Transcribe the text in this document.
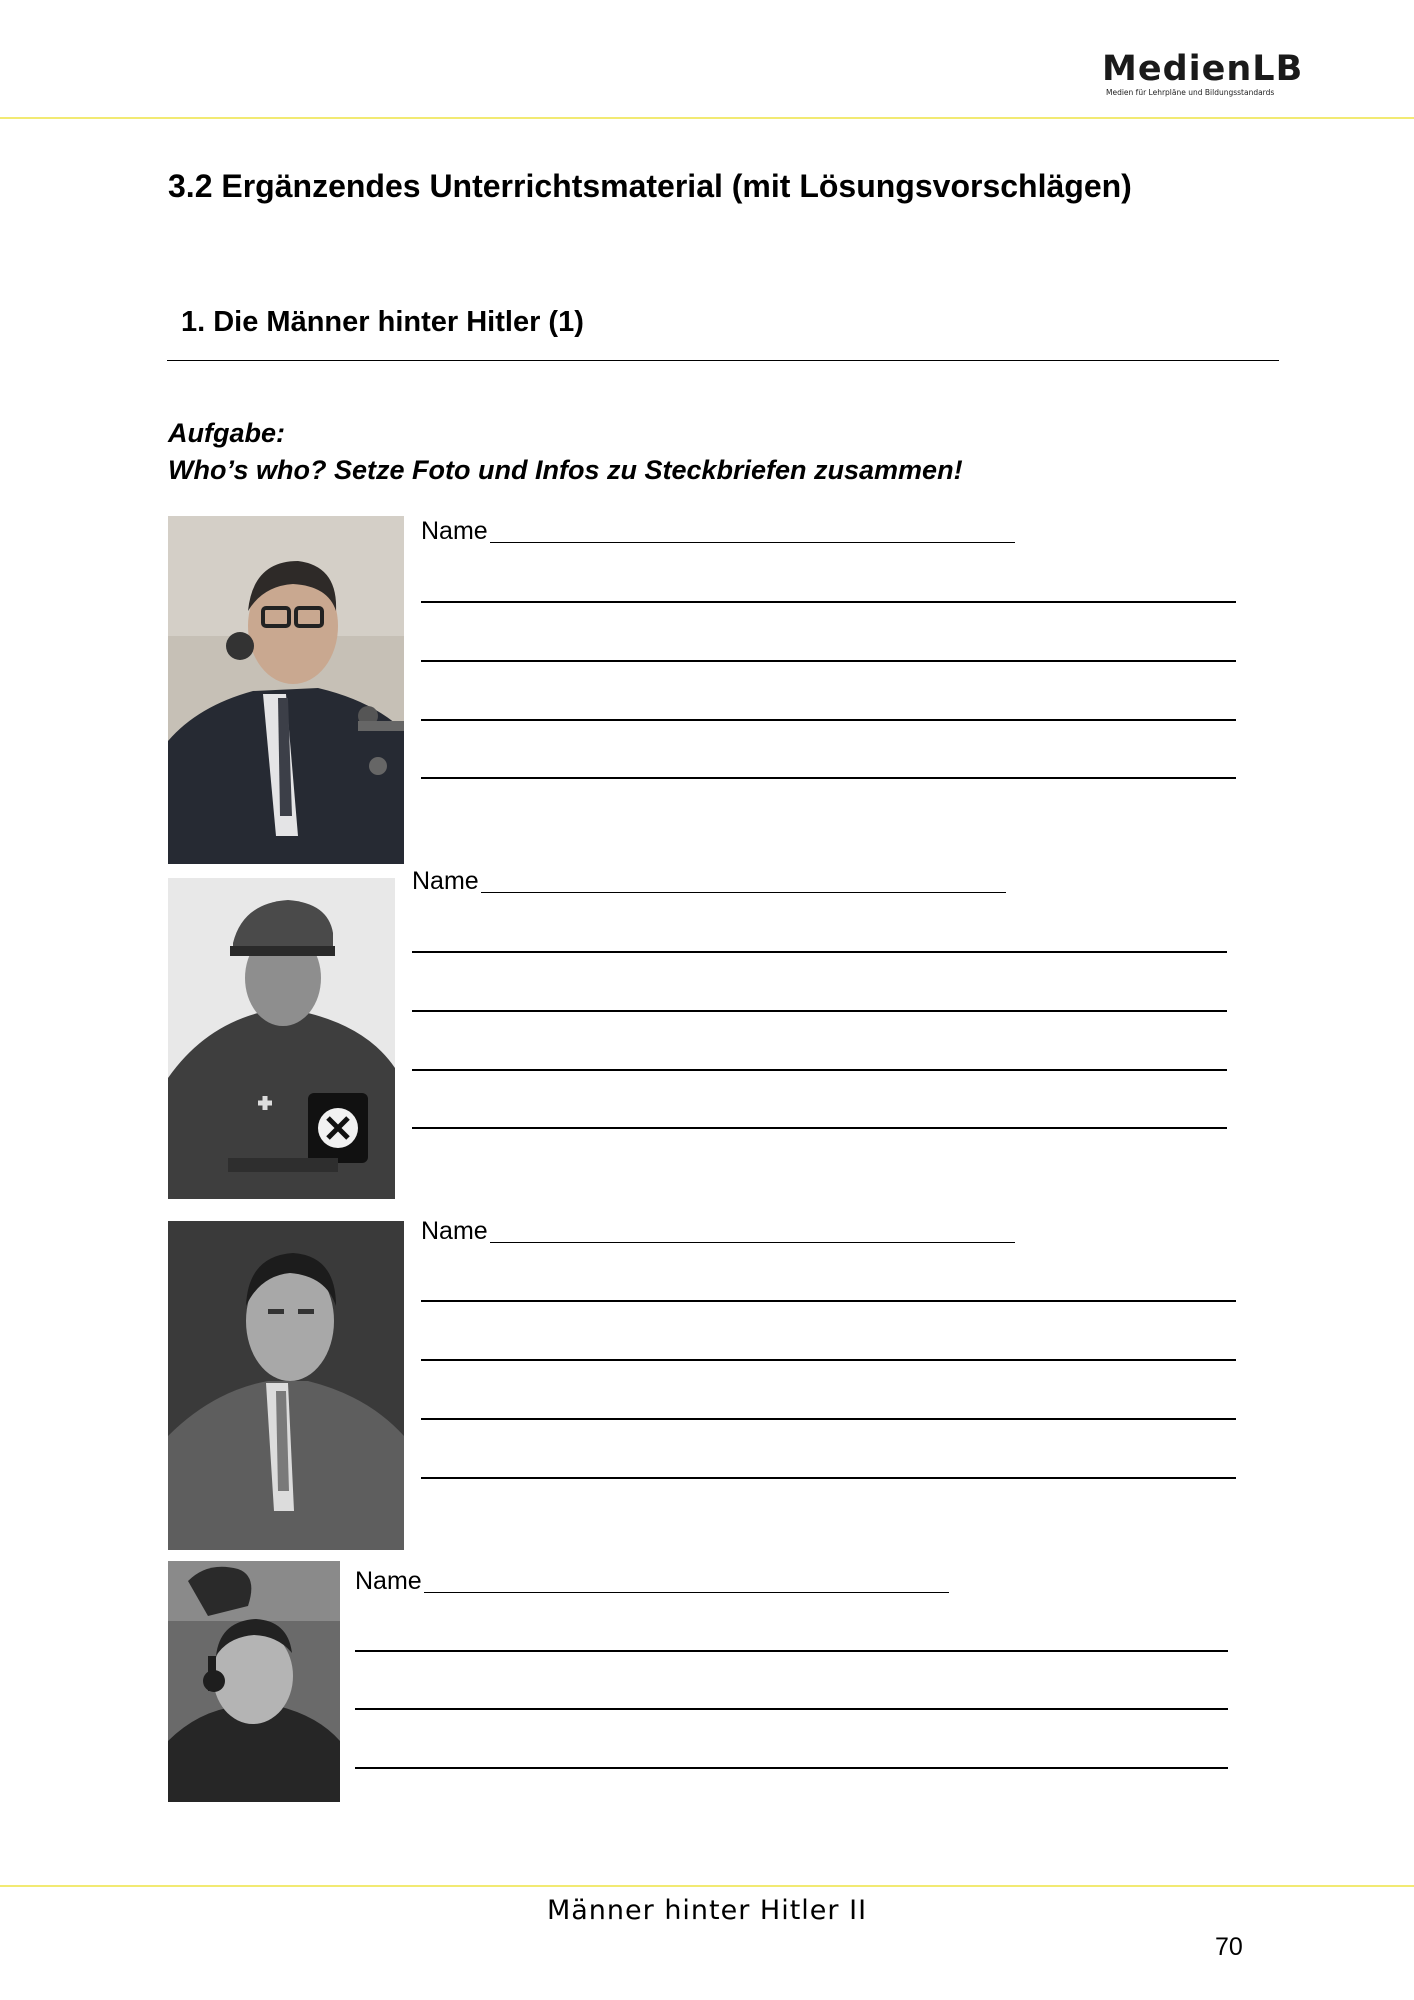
MedienLB
Medien für Lehrpläne und Bildungsstandards
3.2 Ergänzendes Unterrichtsmaterial (mit Lösungsvorschlägen)
1. Die Männer hinter Hitler (1)
Aufgabe:
Who’s who? Setze Foto und Infos zu Steckbriefen zusammen!
Name
Name
Name
Name
Männer hinter Hitler II
70
